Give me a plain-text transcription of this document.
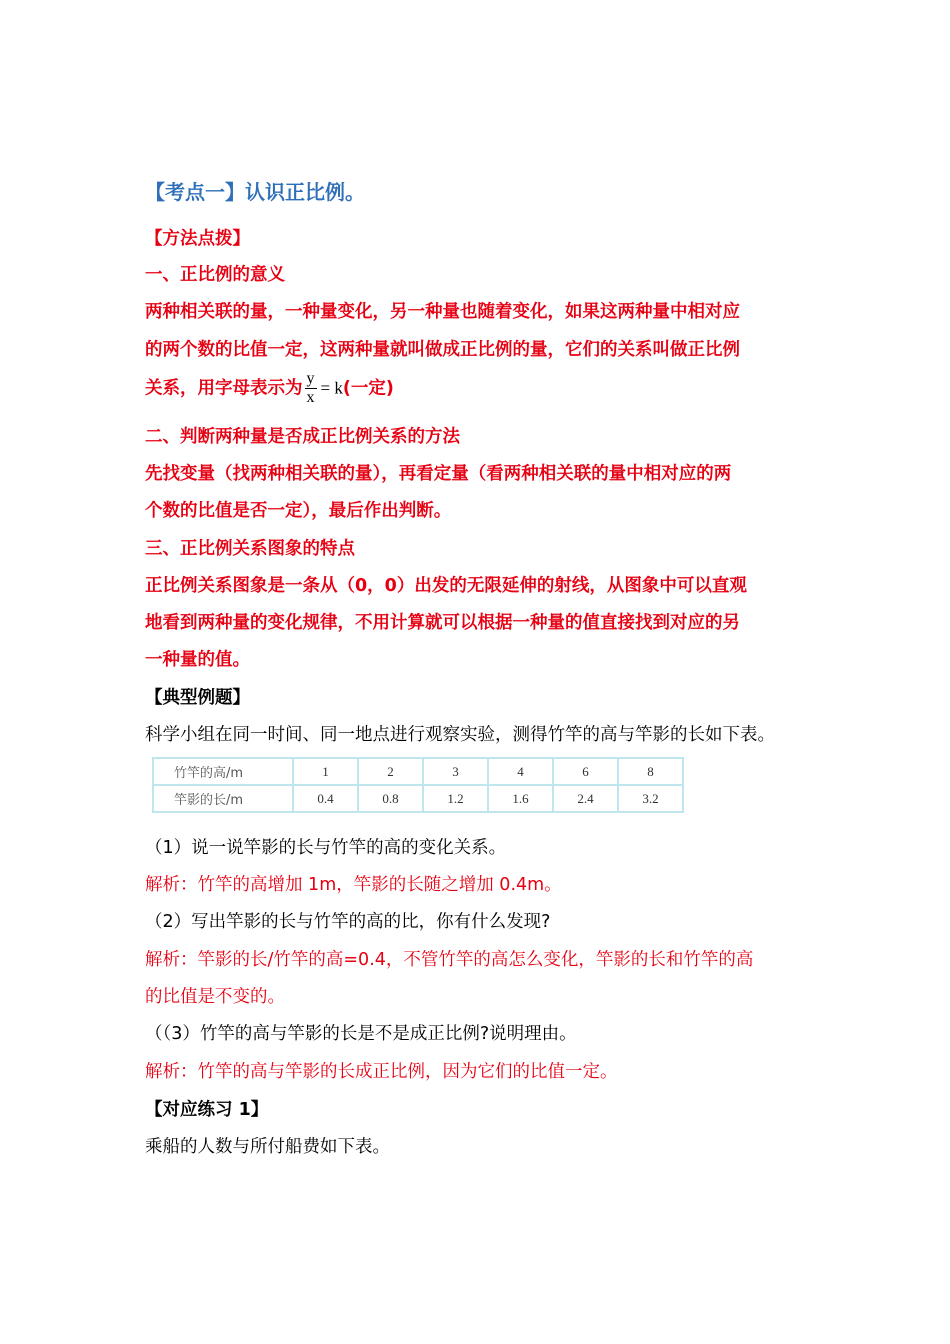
【考点一】认识正比例。
【方法点拨】
一、正比例的意义
两种相关联的量，一种量变化，另一种量也随着变化，如果这两种量中相对应
的两个数的比值一定，这两种量就叫做成正比例的量，它们的关系叫做正比例
关系，用字母表示为 $\frac{y}{x} = k$(一定)
二、判断两种量是否成正比例关系的方法
先找变量（找两种相关联的量），再看定量（看两种相关联的量中相对应的两
个数的比值是否一定），最后作出判断。
三、正比例关系图象的特点
正比例关系图象是一条从（0，0）出发的无限延伸的射线，从图象中可以直观
地看到两种量的变化规律，不用计算就可以根据一种量的值直接找到对应的另
一种量的值。
【典型例题】
科学小组在同一时间、同一地点进行观察实验，测得竹竿的高与竿影的长如下表。
竹竿的高/m	1	2	3	4	6	8
竿影的长/m	0.4	0.8	1.2	1.6	2.4	3.2
（1）说一说竿影的长与竹竿的高的变化关系。
解析：竹竿的高增加 1m，竿影的长随之增加 0.4m。
（2）写出竿影的长与竹竿的高的比，你有什么发现?
解析：竿影的长/竹竿的高=0.4，不管竹竿的高怎么变化，竿影的长和竹竿的高
的比值是不变的。
（（3）竹竿的高与竿影的长是不是成正比例?说明理由。
解析：竹竿的高与竿影的长成正比例，因为它们的比值一定。
【对应练习 1】
乘船的人数与所付船费如下表。
